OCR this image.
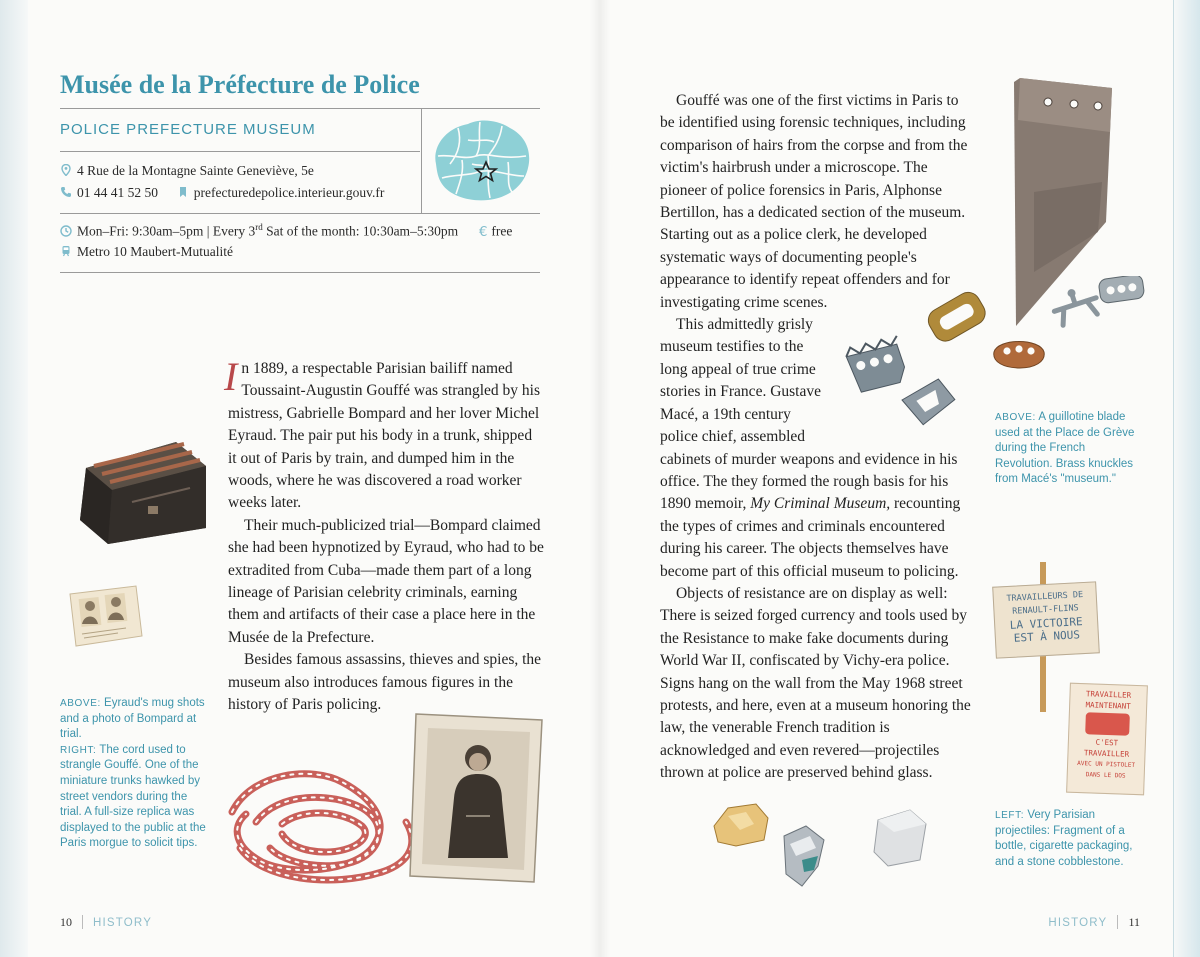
Musée de la Préfecture de Police
POLICE PREFECTURE MUSEUM
4 Rue de la Montagne Sainte Geneviève, 5e
01 44 41 52 50	prefecturedepolice.interieur.gouv.fr
Mon–Fri: 9:30am–5pm | Every 3rd Sat of the month: 10:30am–5:30pm € free
Metro 10 Maubert-Mutualité

In 1889, a respectable Parisian bailiff named Toussaint-Augustin Gouffé was strangled by his mistress, Gabrielle Bompard and her lover Michel Eyraud. The pair put his body in a trunk, shipped it out of Paris by train, and dumped him in the woods, where he was discovered a road worker weeks later.

Their much-publicized trial—Bompard claimed she had been hypnotized by Eyraud, who had to be extradited from Cuba—made them part of a long lineage of Parisian celebrity criminals, earning them and artifacts of their case a place here in the Musée de la Prefecture.

Besides famous assassins, thieves and spies, the museum also introduces famous figures in the history of Paris policing.

ABOVE: Eyraud's mug shots and a photo of Bompard at trial.
RIGHT: The cord used to strangle Gouffé. One of the miniature trunks hawked by street vendors during the trial. A full-size replica was displayed to the public at the Paris morgue to solicit tips.

Gouffé was one of the first victims in Paris to be identified using forensic techniques, including comparison of hairs from the corpse and from the victim's hairbrush under a microscope. The pioneer of police forensics in Paris, Alphonse Bertillon, has a dedicated section of the museum. Starting out as a police clerk, he developed systematic ways of documenting people's appearance to identify repeat offenders and for investigating crime scenes.

This admittedly grisly
museum testifies to the
long appeal of true crime
stories in France. Gustave
Macé, a 19th century
police chief, assembled
cabinets of murder weapons and evidence in his office. The they formed the rough basis for his 1890 memoir, My Criminal Museum, recounting the types of crimes and criminals encountered during his career. The objects themselves have become part of this official museum to policing.

Objects of resistance are on display as well: There is seized forged currency and tools used by the Resistance to make fake documents during World War II, confiscated by Vichy-era police. Signs hang on the wall from the May 1968 street protests, and here, even at a museum honoring the law, the venerable French tradition is acknowledged and even revered—projectiles thrown at police are preserved behind glass.

ABOVE: A guillotine blade used at the Place de Grève during the French Revolution. Brass knuckles from Macé's "museum."
TRAVAILLEURS DE
RENAULT-FLINS
LA VICTOIRE
EST À NOUS
TRAVAILLER
MAINTENANT
C'EST
TRAVAILLER
AVEC UN PISTOLET
DANS LE DOS
LEFT: Very Parisian projectiles: Fragment of a bottle, cigarette packaging, and a stone cobblestone.
10 HISTORY	HISTORY 11
